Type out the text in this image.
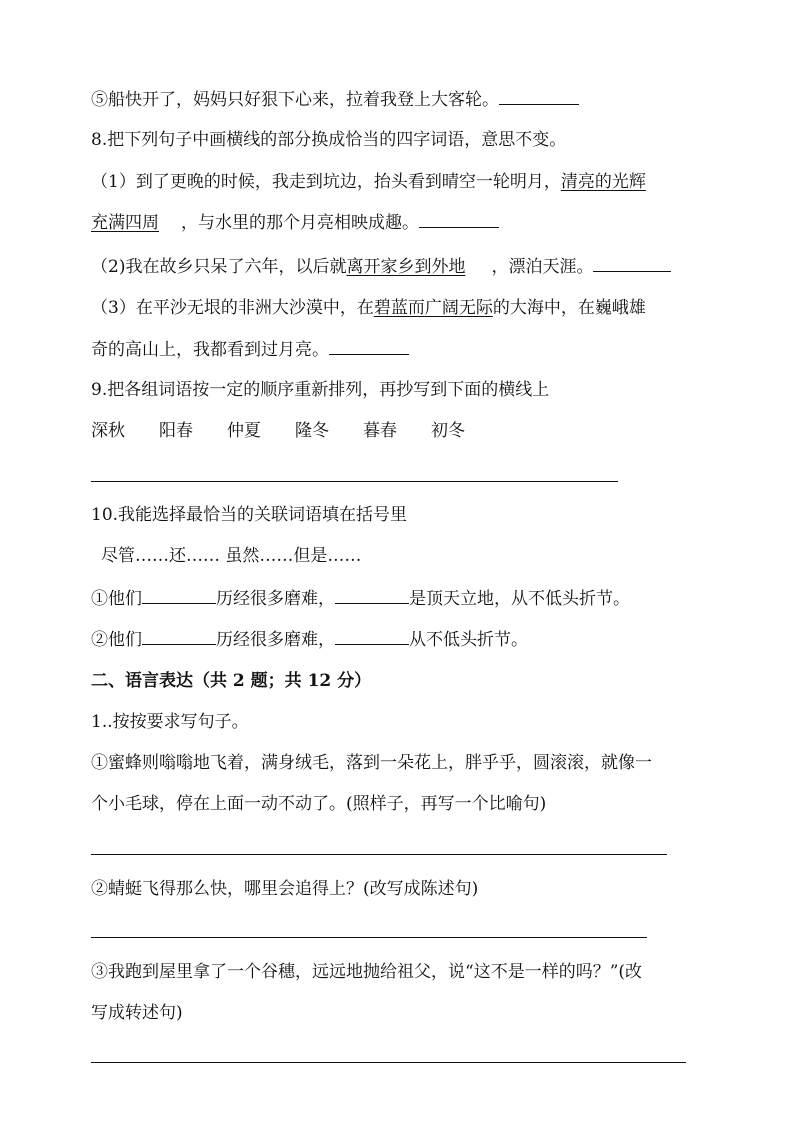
⑤船快开了，妈妈只好狠下心来，拉着我登上大客轮。
8.把下列句子中画横线的部分换成恰当的四字词语，意思不变。
（1）到了更晚的时候，我走到坑边，抬头看到晴空一轮明月，清亮的光辉
充满四周 ，与水里的那个月亮相映成趣。
（2)我在故乡只呆了六年，以后就离开家乡到外地 ，漂泊天涯。
（3）在平沙无垠的非洲大沙漠中，在碧蓝而广阔无际的大海中，在巍峨雄
奇的高山上，我都看到过月亮。
9.把各组词语按一定的顺序重新排列，再抄写到下面的横线上
深秋 阳春 仲夏 隆冬 暮春 初冬
10.我能选择最恰当的关联词语填在括号里
尽管……还…… 虽然……但是……
①他们	历经很多磨难，	是顶天立地，从不低头折节。
②他们	历经很多磨难，	从不低头折节。
二、语言表达（共 2 题；共 12 分）
1..按按要求写句子。
①蜜蜂则嗡嗡地飞着，满身绒毛，落到一朵花上，胖乎乎，圆滚滚，就像一
个小毛球，停在上面一动不动了。(照样子，再写一个比喻句)
②蜻蜓飞得那么快，哪里会追得上？(改写成陈述句)
③我跑到屋里拿了一个谷穗，远远地抛给祖父，说“这不是一样的吗？”(改
写成转述句)
